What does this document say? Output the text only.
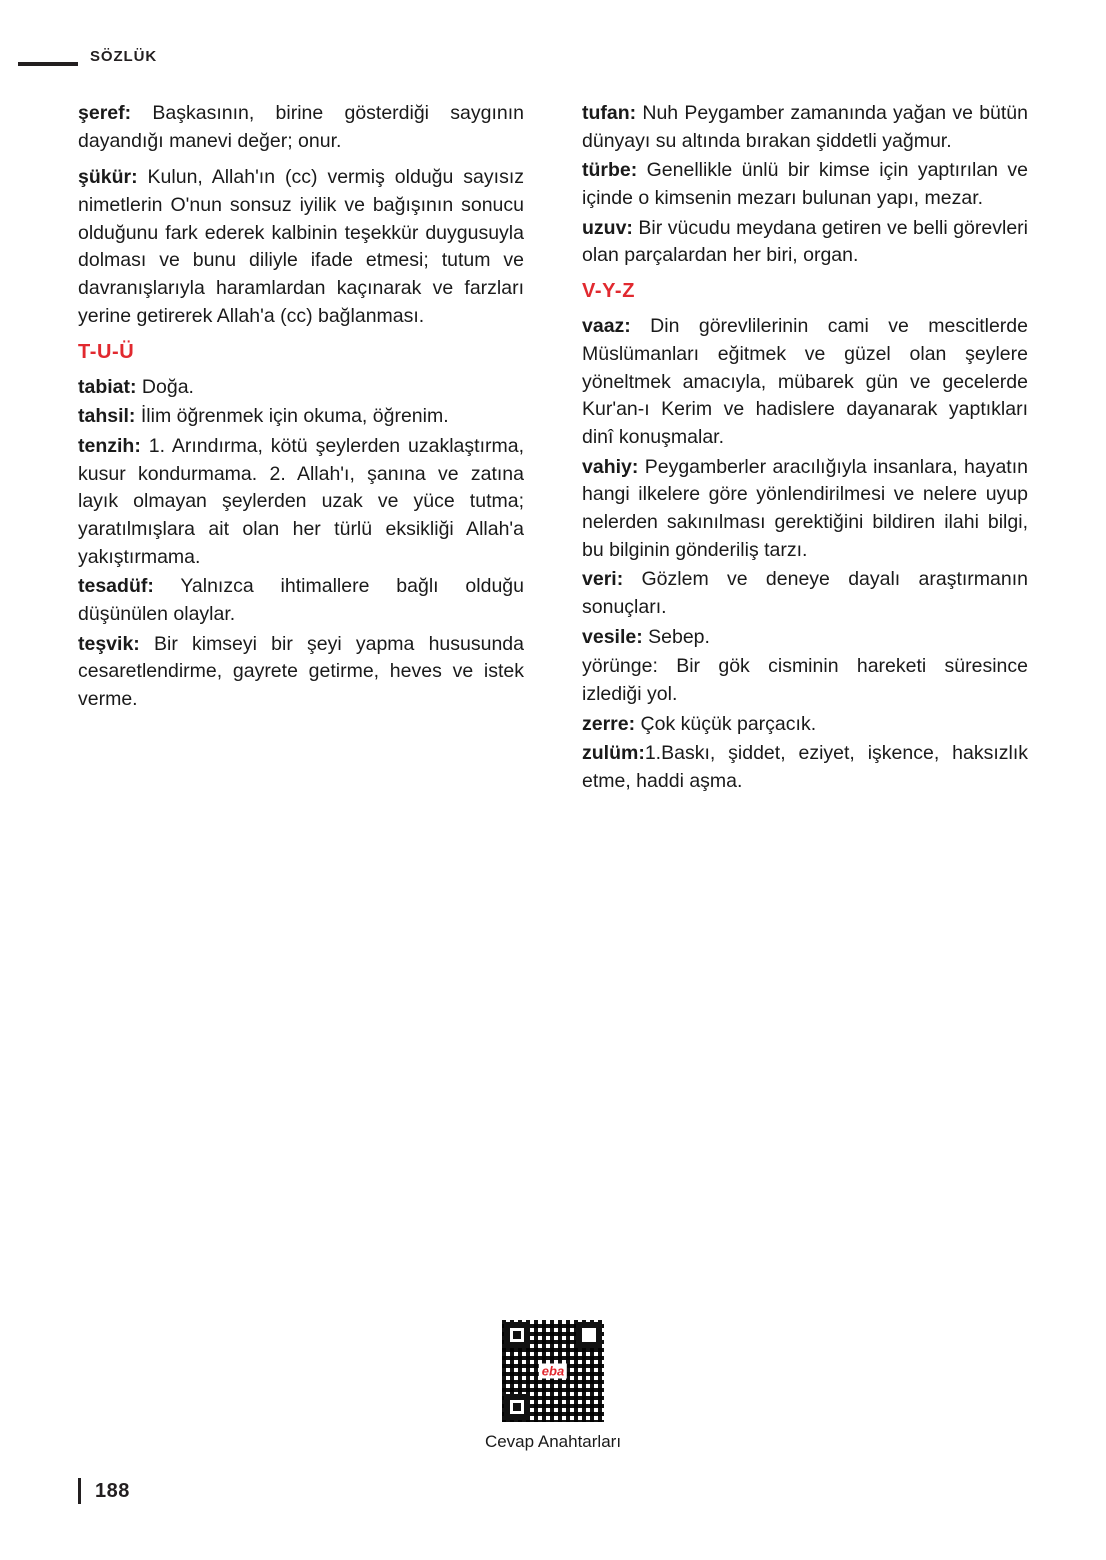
SÖZLÜK

şeref: Başkasının, birine gösterdiği saygının dayandığı manevi değer; onur.

şükür: Kulun, Allah'ın (cc) vermiş olduğu sayısız nimetlerin O'nun sonsuz iyilik ve bağışının sonucu olduğunu fark ederek kalbinin teşekkür duygusuyla dolması ve bunu diliyle ifade etmesi; tutum ve davranışlarıyla haramlardan kaçınarak ve farzları yerine getirerek Allah'a (cc) bağlanması.

T-U-Ü

tabiat: Doğa.

tahsil: İlim öğrenmek için okuma, öğrenim.

tenzih: 1. Arındırma, kötü şeylerden uzaklaştırma, kusur kondurmama. 2. Allah'ı, şanına ve zatına layık olmayan şeylerden uzak ve yüce tutma; yaratılmışlara ait olan her türlü eksikliği Allah'a yakıştırmama.

tesadüf: Yalnızca ihtimallere bağlı olduğu düşünülen olaylar.

teşvik: Bir kimseyi bir şeyi yapma hususunda cesaretlendirme, gayrete getirme, heves ve istek verme.

tufan: Nuh Peygamber zamanında yağan ve bütün dünyayı su altında bırakan şiddetli yağmur.

türbe: Genellikle ünlü bir kimse için yaptırılan ve içinde o kimsenin mezarı bulunan yapı, mezar.

uzuv: Bir vücudu meydana getiren ve belli görevleri olan parçalardan her biri, organ.

V-Y-Z

vaaz: Din görevlilerinin cami ve mescitlerde Müslümanları eğitmek ve güzel olan şeylere yöneltmek amacıyla, mübarek gün ve gecelerde Kur'an-ı Kerim ve hadislere dayanarak yaptıkları dinî konuşmalar.

vahiy: Peygamberler aracılığıyla insanlara, hayatın hangi ilkelere göre yönlendirilmesi ve nelere uyup nelerden sakınılması gerektiğini bildiren ilahi bilgi, bu bilginin gönderiliş tarzı.

veri: Gözlem ve deneye dayalı araştırmanın sonuçları.

vesile: Sebep.

yörünge: Bir gök cisminin hareketi süresince izlediği yol.

zerre: Çok küçük parçacık.

zulüm:1.Baskı, şiddet, eziyet, işkence, haksızlık etme, haddi aşma.

eba
Cevap Anahtarları
188
